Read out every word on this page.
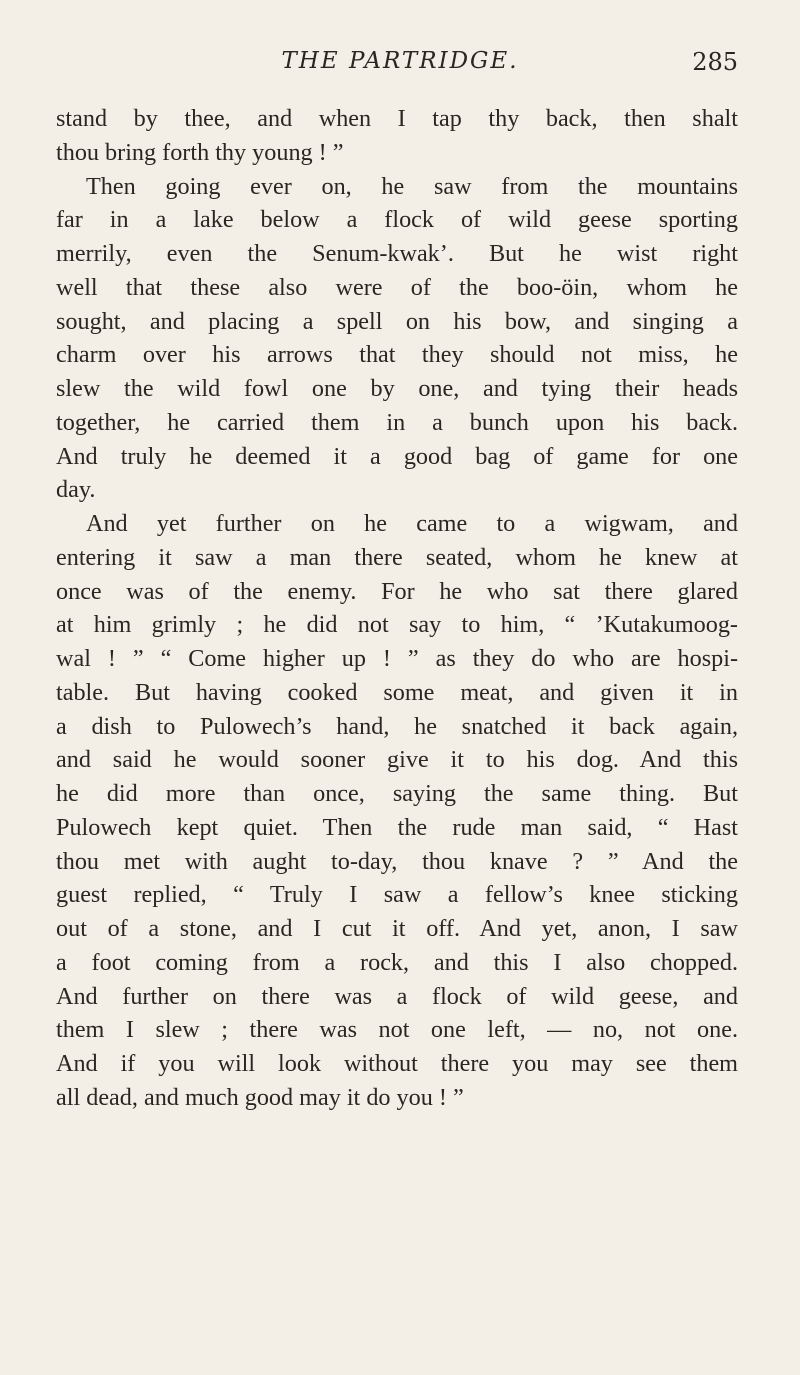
THE PARTRIDGE.	285
stand by thee, and when I tap thy back, then shalt
thou bring forth thy young ! ”
Then going ever on, he saw from the mountains
far in a lake below a flock of wild geese sporting
merrily, even the Senum-kwak’. But he wist right
well that these also were of the boo-öin, whom he
sought, and placing a spell on his bow, and singing a
charm over his arrows that they should not miss, he
slew the wild fowl one by one, and tying their heads
together, he carried them in a bunch upon his back.
And truly he deemed it a good bag of game for one
day.
And yet further on he came to a wigwam, and
entering it saw a man there seated, whom he knew at
once was of the enemy. For he who sat there glared
at him grimly ; he did not say to him, “ ’Kutakumoog-
wal ! ” “ Come higher up ! ” as they do who are hospi-
table. But having cooked some meat, and given it in
a dish to Pulowech’s hand, he snatched it back again,
and said he would sooner give it to his dog. And this
he did more than once, saying the same thing. But
Pulowech kept quiet. Then the rude man said, “ Hast
thou met with aught to-day, thou knave ? ” And the
guest replied, “ Truly I saw a fellow’s knee sticking
out of a stone, and I cut it off. And yet, anon, I saw
a foot coming from a rock, and this I also chopped.
And further on there was a flock of wild geese, and
them I slew ; there was not one left, — no, not one.
And if you will look without there you may see them
all dead, and much good may it do you ! ”
